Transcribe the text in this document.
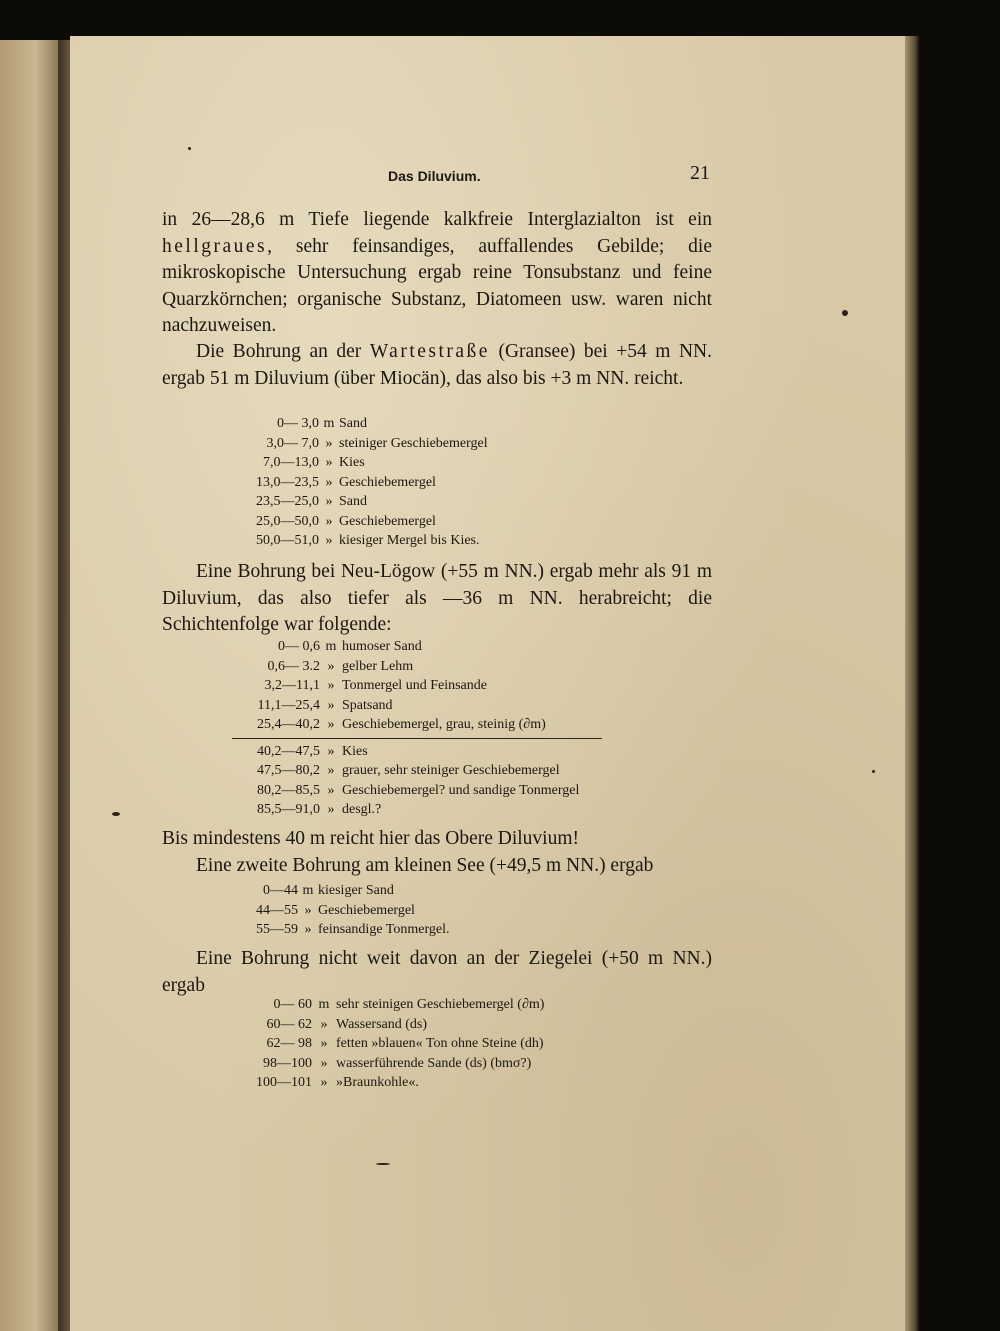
Das Diluvium.	21
in 26—28,6 m Tiefe liegende kalkfreie Interglazialton ist ein hellgraues, sehr feinsandiges, auffallendes Gebilde; die mikroskopische Untersuchung ergab reine Tonsubstanz und feine Quarzkörnchen; organische Substanz, Diatomeen usw. waren nicht nachzuweisen.
Die Bohrung an der Wartestraße (Gransee) bei +54 m NN. ergab 51 m Diluvium (über Miocän), das also bis +3 m NN. reicht.
0— 3,0 m Sand
3,0— 7,0 » steiniger Geschiebemergel
7,0—13,0 » Kies
13,0—23,5 » Geschiebemergel
23,5—25,0 » Sand
25,0—50,0 » Geschiebemergel
50,0—51,0 » kiesiger Mergel bis Kies.
Eine Bohrung bei Neu-Lögow (+55 m NN.) ergab mehr als 91 m Diluvium, das also tiefer als —36 m NN. herabreicht; die Schichtenfolge war folgende:
0— 0,6 m humoser Sand
0,6— 3.2 » gelber Lehm
3,2—11,1 » Tonmergel und Feinsande
11,1—25,4 » Spatsand
25,4—40,2 » Geschiebemergel, grau, steinig (∂m)
40,2—47,5 » Kies
47,5—80,2 » grauer, sehr steiniger Geschiebemergel
80,2—85,5 » Geschiebemergel? und sandige Tonmergel
85,5—91,0 » desgl.?
Bis mindestens 40 m reicht hier das Obere Diluvium!
Eine zweite Bohrung am kleinen See (+49,5 m NN.) ergab
0—44 m kiesiger Sand
44—55 » Geschiebemergel
55—59 » feinsandige Tonmergel.
Eine Bohrung nicht weit davon an der Ziegelei (+50 m NN.) ergab
0— 60 m sehr steinigen Geschiebemergel (∂m)
60— 62 » Wassersand (ds)
62— 98 » fetten »blauen« Ton ohne Steine (dh)
98—100 » wasserführende Sande (ds) (bmσ?)
100—101 » »Braunkohle«.
